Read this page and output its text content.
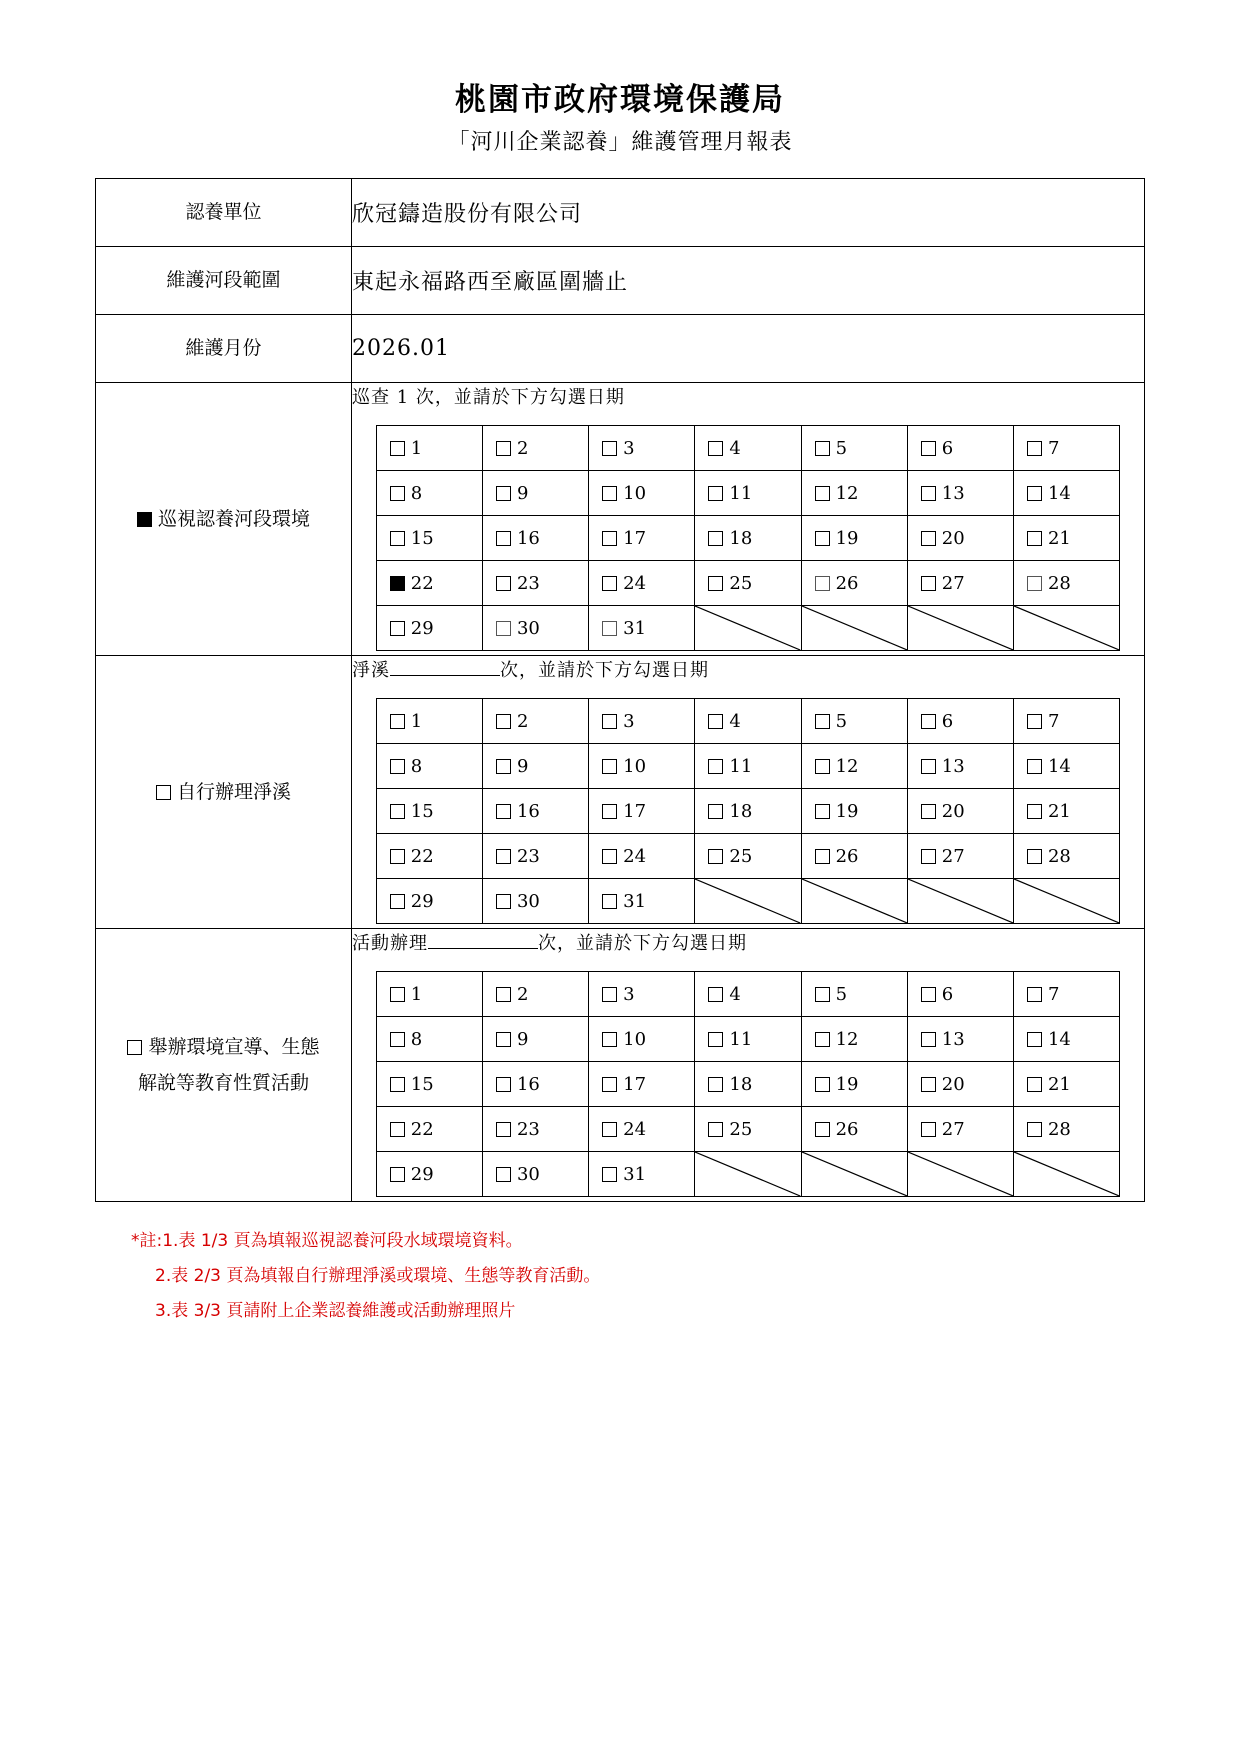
桃園市政府環境保護局
「河川企業認養」維護管理月報表
認養單位	欣冠鑄造股份有限公司
維護河段範圍	東起永福路西至廠區圍牆止
維護月份	2026.01

巡視認養河段環境

巡查 1 次，並請於下方勾選日期
1	2	3	4	5	6	7
8	9	10	11	12	13	14
15	16	17	18	19	20	21
22	23	24	25	26	27	28
29	30	31	

自行辦理淨溪

淨溪	次，並請於下方勾選日期
1	2	3	4	5	6	7
8	9	10	11	12	13	14
15	16	17	18	19	20	21
22	23	24	25	26	27	28
29	30	31	

舉辦環境宣導、生態
解說等教育性質活動

活動辦理	次，並請於下方勾選日期
1	2	3	4	5	6	7
8	9	10	11	12	13	14
15	16	17	18	19	20	21
22	23	24	25	26	27	28
29	30	31	

*註:1.表 1/3 頁為填報巡視認養河段水域環境資料。
2.表 2/3 頁為填報自行辦理淨溪或環境、生態等教育活動。
3.表 3/3 頁請附上企業認養維護或活動辦理照片
